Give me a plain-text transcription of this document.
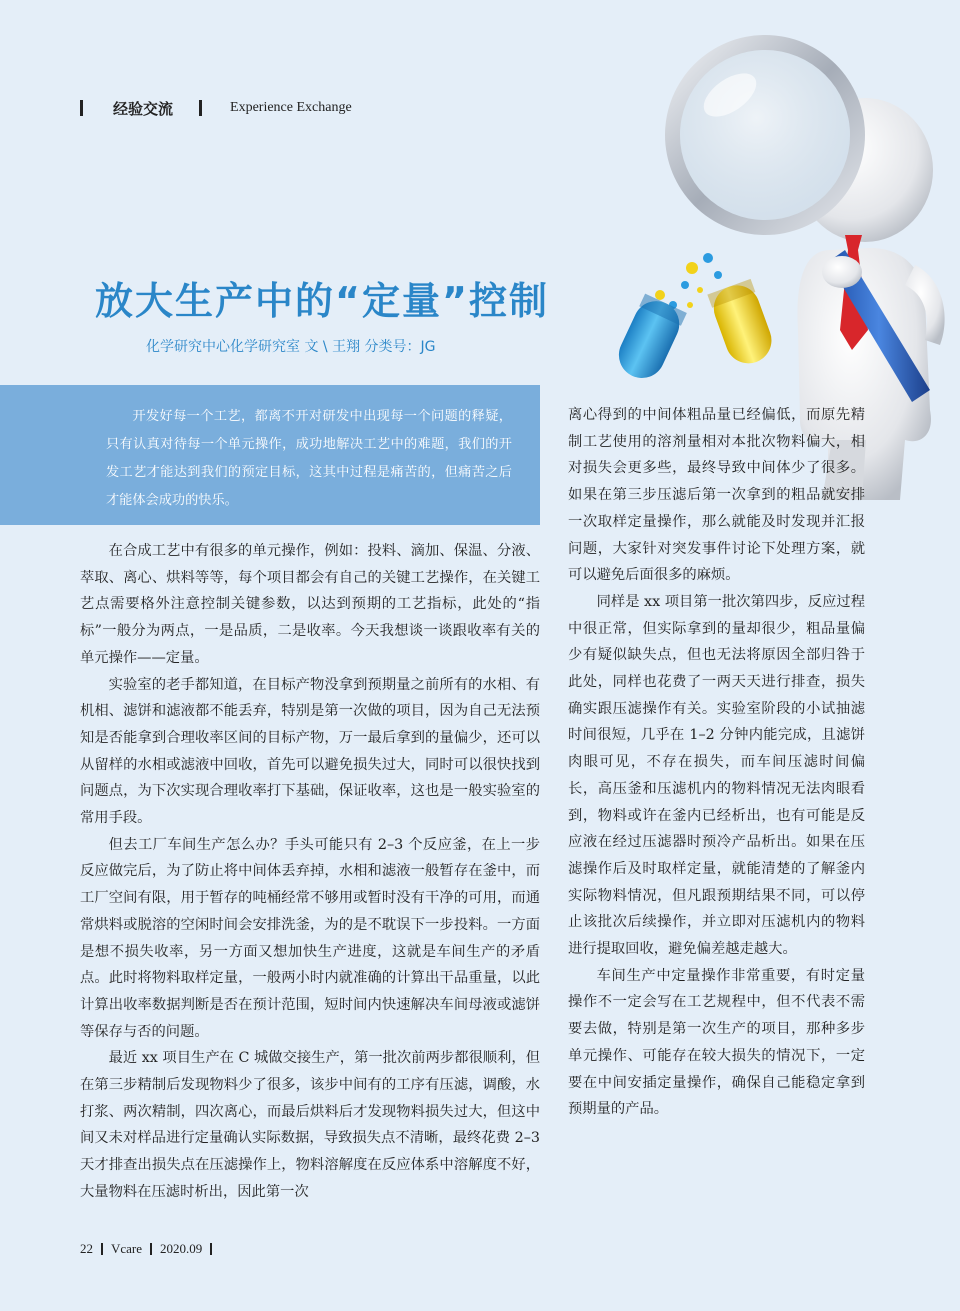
经验交流	Experience Exchange
放大生产中的“定量”控制
化学研究中心化学研究室 文 \ 王翔 分类号：JG

开发好每一个工艺，都离不开对研发中出现每一个问题的释疑，只有认真对待每一个单元操作，成功地解决工艺中的难题，我们的开发工艺才能达到我们的预定目标，这其中过程是痛苦的，但痛苦之后才能体会成功的快乐。

在合成工艺中有很多的单元操作，例如：投料、滴加、保温、分液、萃取、离心、烘料等等，每个项目都会有自己的关键工艺操作，在关键工艺点需要格外注意控制关键参数，以达到预期的工艺指标，此处的“指标”一般分为两点，一是品质，二是收率。今天我想谈一谈跟收率有关的单元操作——定量。

实验室的老手都知道，在目标产物没拿到预期量之前所有的水相、有机相、滤饼和滤液都不能丢弃，特别是第一次做的项目，因为自己无法预知是否能拿到合理收率区间的目标产物，万一最后拿到的量偏少，还可以从留样的水相或滤液中回收，首先可以避免损失过大，同时可以很快找到问题点，为下次实现合理收率打下基础，保证收率，这也是一般实验室的常用手段。

但去工厂车间生产怎么办？手头可能只有 2–3 个反应釜，在上一步反应做完后，为了防止将中间体丢弃掉，水相和滤液一般暂存在釜中，而工厂空间有限，用于暂存的吨桶经常不够用或暂时没有干净的可用，而通常烘料或脱溶的空闲时间会安排洗釜，为的是不耽误下一步投料。一方面是想不损失收率，另一方面又想加快生产进度，这就是车间生产的矛盾点。此时将物料取样定量，一般两小时内就准确的计算出干品重量，以此计算出收率数据判断是否在预计范围，短时间内快速解决车间母液或滤饼等保存与否的问题。

最近 xx 项目生产在 C 城做交接生产，第一批次前两步都很顺利，但在第三步精制后发现物料少了很多，该步中间有的工序有压滤，调酸，水打浆、两次精制，四次离心，而最后烘料后才发现物料损失过大，但这中间又未对样品进行定量确认实际数据，导致损失点不清晰，最终花费 2–3 天才排查出损失点在压滤操作上，物料溶解度在反应体系中溶解度不好，大量物料在压滤时析出，因此第一次

离心得到的中间体粗品量已经偏低，而原先精制工艺使用的溶剂量相对本批次物料偏大，相对损失会更多些，最终导致中间体少了很多。如果在第三步压滤后第一次拿到的粗品就安排一次取样定量操作，那么就能及时发现并汇报问题，大家针对突发事件讨论下处理方案，就可以避免后面很多的麻烦。

同样是 xx 项目第一批次第四步，反应过程中很正常，但实际拿到的量却很少，粗品量偏少有疑似缺失点，但也无法将原因全部归咎于此处，同样也花费了一两天天进行排查，损失确实跟压滤操作有关。实验室阶段的小试抽滤时间很短，几乎在 1–2 分钟内能完成，且滤饼肉眼可见，不存在损失，而车间压滤时间偏长，高压釜和压滤机内的物料情况无法肉眼看到，物料或许在釜内已经析出，也有可能是反应液在经过压滤器时预冷产品析出。如果在压滤操作后及时取样定量，就能清楚的了解釜内实际物料情况，但凡跟预期结果不同，可以停止该批次后续操作，并立即对压滤机内的物料进行提取回收，避免偏差越走越大。

车间生产中定量操作非常重要，有时定量操作不一定会写在工艺规程中，但不代表不需要去做，特别是第一次生产的项目，那种多步单元操作、可能存在较大损失的情况下，一定要在中间安插定量操作，确保自己能稳定拿到预期量的产品。

22 Vcare 2020.09
